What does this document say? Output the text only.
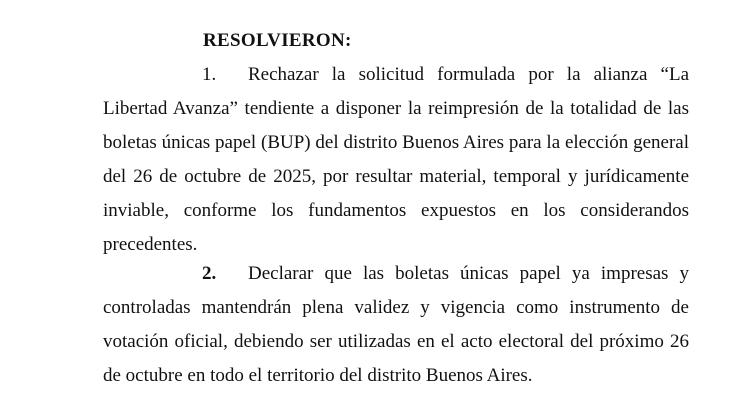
RESOLVIERON:

1. Rechazar la solicitud formulada por la alianza “La Libertad Avanza” tendiente a disponer la reimpresión de la totalidad de las boletas únicas papel (BUP) del distrito Buenos Aires para la elección general del 26 de octubre de 2025, por resultar material, temporal y jurídicamente inviable, conforme los fundamentos expuestos en los considerandos precedentes.

2. Declarar que las boletas únicas papel ya impresas y controladas mantendrán plena validez y vigencia como instrumento de votación oficial, debiendo ser utilizadas en el acto electoral del próximo 26 de octubre en todo el territorio del distrito Buenos Aires.
